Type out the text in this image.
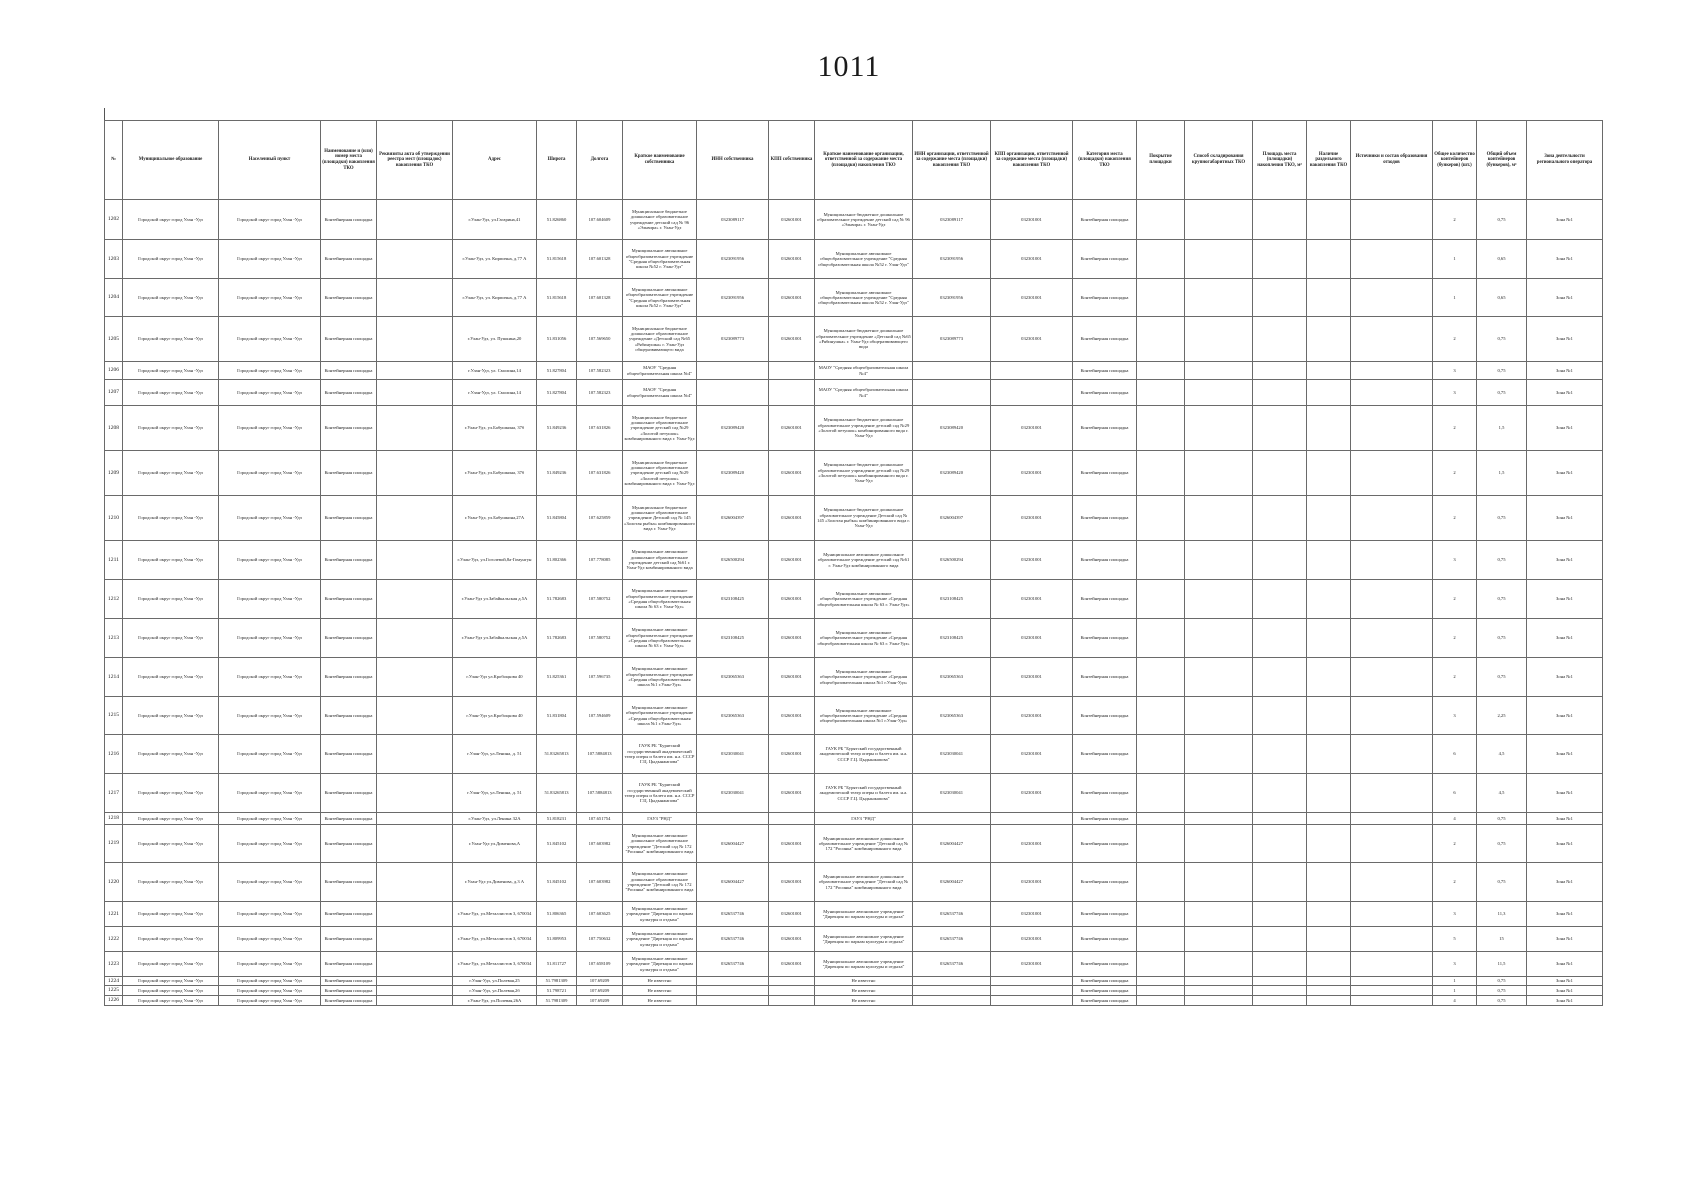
1011
№	Муниципальное образование	Населенный пункт	Наименование и (или) номер места (площадки) накопления ТКО	Реквизиты акта об утверждении реестра мест (площадок) накопления ТКО	Адрес	Широта	Долгота	Краткое наименование собственника	ИНН собственника	КПП собственника	Краткое наименование организации, ответственной за содержание места (площадки) накопления ТКО	ИНН организации, ответственной за содержание места (площадки) накопления ТКО	КПП организации, ответственной за содержание места (площадки) накопления ТКО	Категория места (площадки) накопления ТКО	Покрытие площадки	Способ складирования крупногабаритных ТКО	Площадь места (площадки) накопления ТКО, м²	Наличие раздельного накопления ТКО	Источники и состав образования отходов	Общее количество контейнеров (бункеров) (шт.)	Общий объем контейнеров (бункеров), м³	Зона деятельности регионального оператора
1202	Городской округ город Улан -Удэ	Городской округ город Улан -Удэ	Контейнерная площадка		г.Улан-Удэ, ул.Гагарина,41	51.826860	107.604609	Муниципальное бюджетное дошкольное образовательное учреждение детский сад № 96 «Эльвира» г. Улан-Удэ	0323089117	032601001	Муниципальное бюджетное дошкольное образовательное учреждение детский сад № 96 «Эльвира» г. Улан-Удэ	0323089117	032301001	Контейнерная площадка						2	0,75	Зона №1
1203	Городской округ город Улан -Удэ	Городской округ город Улан -Удэ	Контейнерная площадка		г.Улан-Удэ, ул. Кирпична, д.77 А	51.815618	107.601328	Муниципальное автономное общеобразовательное учреждение "Средняя общеобразовательная школа №52 г. Улан-Удэ"	0323091956	032601001	Муниципальное автономное общеобразовательное учреждение "Средняя общеобразовательная школа №52 г. Улан-Удэ"	0323091956	032301001	Контейнерная площадка						1	0,65	Зона №1
1204	Городской округ город Улан -Удэ	Городской округ город Улан -Удэ	Контейнерная площадка		г.Улан-Удэ, ул. Кирпична, д.77 А	51.815618	107.601328	Муниципальное автономное общеобразовательное учреждение "Средняя общеобразовательная школа №52 г. Улан-Удэ"	0323091956	032601001	Муниципальное автономное общеобразовательное учреждение "Средняя общеобразовательная школа №52 г. Улан-Удэ"	0323091956	032301001	Контейнерная площадка						1	0,65	Зона №1
1205	Городской округ город Улан -Удэ	Городской округ город Улан -Удэ	Контейнерная площадка		г.Улан-Удэ, ул. Пушкина,20	51.831056	107.569650	Муниципальное бюджетное дошкольное образовательное учреждение «Детский сад №65 «Рябинушка» г. Улан-Удэ общеразвивающего вида	0323089773	032601001	Муниципальное бюджетное дошкольное образовательное учреждение «Детский сад №65 «Рябинушка» г. Улан-Удэ общеразвивающего вида	0323089773	032301001	Контейнерная площадка						2	0,75	Зона №1
1206	Городской округ город Улан -Удэ	Городской округ город Улан -Удэ	Контейнерная площадка		г.Улан-Удэ, ул. Смолина,14	51.827804	107.582323	МАОУ "Средняя общеобразовательная школа №4"			МАОУ "Средняя общеобразовательная школа №4"			Контейнерная площадка						3	0,75	Зона №1
1207	Городской округ город Улан -Удэ	Городской округ город Улан -Удэ	Контейнерная площадка		г.Улан-Удэ, ул. Смолина,14	51.827804	107.582323	МАОУ "Средняя общеобразовательная школа №4"			МАОУ "Средняя общеобразовательная школа №4"			Контейнерная площадка						3	0,75	Зона №1
1208	Городской округ город Улан -Удэ	Городской округ город Улан -Удэ	Контейнерная площадка		г.Улан-Удэ, ул.Бабушкина, 37б	51.849236	107.631826	Муниципальное бюджетное дошкольное образовательное учреждение детский сад №29 «Золотой петушок» комбинированного вида г. Улан-Удэ	0323089420	032601001	Муниципальное бюджетное дошкольное образовательное учреждение детский сад №29 «Золотой петушок» комбинированного вида г. Улан-Удэ	0323089420	032301001	Контейнерная площадка						2	1,5	Зона №1
1209	Городской округ город Улан -Удэ	Городской округ город Улан -Удэ	Контейнерная площадка		г.Улан-Удэ, ул.Бабушкина, 37б	51.849236	107.631826	Муниципальное бюджетное дошкольное образовательное учреждение детский сад №29 «Золотой петушок» комбинированного вида г. Улан-Удэ	0323089420	032601001	Муниципальное бюджетное дошкольное образовательное учреждение детский сад №29 «Золотой петушок» комбинированного вида г. Улан-Удэ	0323089420	032301001	Контейнерная площадка						2	1,5	Зона №1
1210	Городской округ город Улан -Удэ	Городской округ город Улан -Удэ	Контейнерная площадка		г.Улан-Удэ, ул.Бабушкина,27А	51.845804	107.625859	Муниципальное бюджетное дошкольное образовательное учреждение Детский сад № 145 «Золотая рыбка» комбинированного вида г. Улан-Удэ	0326004397	032601001	Муниципальное бюджетное дошкольное образовательное учреждение Детский сад № 145 «Золотая рыбка» комбинированного вида г. Улан-Удэ	0326004397	032301001	Контейнерная площадка						2	0,75	Зона №1
1211	Городской округ город Улан -Удэ	Городской округ город Улан -Удэ	Контейнерная площадка		г.Улан-Удэ, ул.Гоголевой,8а-Гомунгун	51.802366	107.778085	Муниципальное автономное дошкольное образовательное учреждение детский сад №61 г. Улан-Удэ комбинированного вида	0326500294	032601001	Муниципальное автономное дошкольное образовательное учреждение детский сад №61 г. Улан-Удэ комбинированного вида	0326500294	032301001	Контейнерная площадка						3	0,75	Зона №1
1212	Городской округ город Улан -Удэ	Городской округ город Улан -Удэ	Контейнерная площадка		г.Улан-Удэ ул.Забайкальская д.5А	51.782683	107.580752	Муниципальное автономное общеобразовательное учреждение «Средняя общеобразовательная школа № 63 г. Улан-Удэ»	0323108425	032601001	Муниципальное автономное общеобразовательное учреждение «Средняя общеобразовательная школа № 63 г. Улан-Удэ»	0323108425	032301001	Контейнерная площадка						2	0,75	Зона №1
1213	Городской округ город Улан -Удэ	Городской округ город Улан -Удэ	Контейнерная площадка		г.Улан-Удэ ул.Забайкальская д.5А	51.782683	107.580752	Муниципальное автономное общеобразовательное учреждение «Средняя общеобразовательная школа № 63 г. Улан-Удэ»	0323108425	032601001	Муниципальное автономное общеобразовательное учреждение «Средняя общеобразовательная школа № 63 г. Улан-Удэ»	0323108425	032301001	Контейнерная площадка						2	0,75	Зона №1
1214	Городской округ город Улан -Удэ	Городской округ город Улан -Удэ	Контейнерная площадка		г.Улан-Удэ ул.Кробоцкова 40	51.825361	107.596735	Муниципальное автономное общеобразовательное учреждение «Средняя общеобразовательная школа №1 г.Улан-Удэ»	0323065363	032601001	Муниципальное автономное общеобразовательное учреждение «Средняя общеобразовательная школа №1 г.Улан-Удэ»	0323065363	032301001	Контейнерная площадка						2	0,75	Зона №1
1215	Городской округ город Улан -Удэ	Городской округ город Улан -Удэ	Контейнерная площадка		г.Улан-Удэ ул.Кробоцкова 40	51.831804	107.594609	Муниципальное автономное общеобразовательное учреждение «Средняя общеобразовательная школа №1 г.Улан-Удэ»	0323065363	032601001	Муниципальное автономное общеобразовательное учреждение «Средняя общеобразовательная школа №1 г.Улан-Удэ»	0323065363	032301001	Контейнерная площадка						3	2,25	Зона №1
1216	Городской округ город Улан -Удэ	Городской округ город Улан -Удэ	Контейнерная площадка		г.Улан-Удэ, ул.Ленина, д. 51	51.83265813	107.5884813	ГАУК РБ "Бурятский государственный академический театр оперы и балета им. н.а. СССР Г.Ц. Цыдынжапова"	0323030041	032601001	ГАУК РБ "Бурятский государственный академический театр оперы и балета им. н.а. СССР Г.Ц. Цыдынжапова"	0323030041	032301001	Контейнерная площадка						6	4,5	Зона №1
1217	Городской округ город Улан -Удэ	Городской округ город Улан -Удэ	Контейнерная площадка		г.Улан-Удэ, ул.Ленина, д. 51	51.83265813	107.5884813	ГАУК РБ "Бурятский государственный академический театр оперы и балета им. н.а. СССР Г.Ц. Цыдынжапова"	0323030041	032601001	ГАУК РБ "Бурятский государственный академический театр оперы и балета им. н.а. СССР Г.Ц. Цыдынжапова"	0323030041	032301001	Контейнерная площадка						6	4,5	Зона №1
1218	Городской округ город Улан -Удэ	Городской округ город Улан -Удэ	Контейнерная площадка		г.Улан-Удэ, ул.Ленина 32А	51.818231	107.651754	ГАУЗ "РНД"			ГАУЗ "РНД"			Контейнерная площадка						4	0,75	Зона №1
1219	Городской округ город Улан -Удэ	Городской округ город Улан -Удэ	Контейнерная площадка		г.Улан-Удэ ул.Дименова,А	51.845102	107.603982	Муниципальное автономное дошкольное образовательное учреждение "Детский сад № 172 "Росинка" комбинированного вида	0326004427	032601001	Муниципальное автономное дошкольное образовательное учреждение "Детский сад № 172 "Росинка" комбинированного вида	0326004427	032301001	Контейнерная площадка						2	0,75	Зона №1
1220	Городской округ город Улан -Удэ	Городской округ город Улан -Удэ	Контейнерная площадка		г.Улан-Удэ ул.Дименова, д.3 А	51.845102	107.603982	Муниципальное автономное дошкольное образовательное учреждение "Детский сад № 172 "Росинка" комбинированного вида	0326004427	032601001	Муниципальное автономное дошкольное образовательное учреждение "Детский сад № 172 "Росинка" комбинированного вида	0326004427	032301001	Контейнерная площадка						2	0,75	Зона №1
1221	Городской округ город Улан -Удэ	Городской округ город Улан -Удэ	Контейнерная площадка		г.Улан-Удэ, ул.Металлистов 3, 670034	51.806365	107.603625	Муниципальное автономное учреждение "Дирекция по паркам культуры и отдыха"	0326537746	032601001	Муниципальное автономное учреждение "Дирекция по паркам культуры и отдыха"	0326537746	032301001	Контейнерная площадка						3	11,3	Зона №1
1222	Городской округ город Улан -Удэ	Городской округ город Улан -Удэ	Контейнерная площадка		г.Улан-Удэ, ул.Металлистов 3, 670034	51.809953	107.750632	Муниципальное автономное учреждение "Дирекция по паркам культуры и отдыха"	0326537746	032601001	Муниципальное автономное учреждение "Дирекция по паркам культуры и отдыха"	0326537746	032301001	Контейнерная площадка						5	15	Зона №1
1223	Городской округ город Улан -Удэ	Городской округ город Улан -Удэ	Контейнерная площадка		г.Улан-Удэ, ул.Металлистов 3, 670034	51.811727	107.658109	Муниципальное автономное учреждение "Дирекция по паркам культуры и отдыха"	0326537746	032601001	Муниципальное автономное учреждение "Дирекция по паркам культуры и отдыха"	0326537746	032301001	Контейнерная площадка						3	11,5	Зона №1
1224	Городской округ город Улан -Удэ	Городской округ город Улан -Удэ	Контейнерная площадка		г.Улан-Удэ, ул.Полевая,25	51.7981309	107.69209	Не известно			Не известно			Контейнерная площадка						1	0,75	Зона №1
1225	Городской округ город Улан -Удэ	Городской округ город Улан -Удэ	Контейнерная площадка		г.Улан-Удэ, ул.Полевая,2б	51.798721	107.69209	Не известно			Не известно			Контейнерная площадка						1	0,75	Зона №1
1226	Городской округ город Улан -Удэ	Городской округ город Улан -Удэ	Контейнерная площадка		г.Улан-Удэ, ул.Полевая,26А	51.7981309	107.69209	Не известно			Не известно			Контейнерная площадка						4	0,75	Зона №1
